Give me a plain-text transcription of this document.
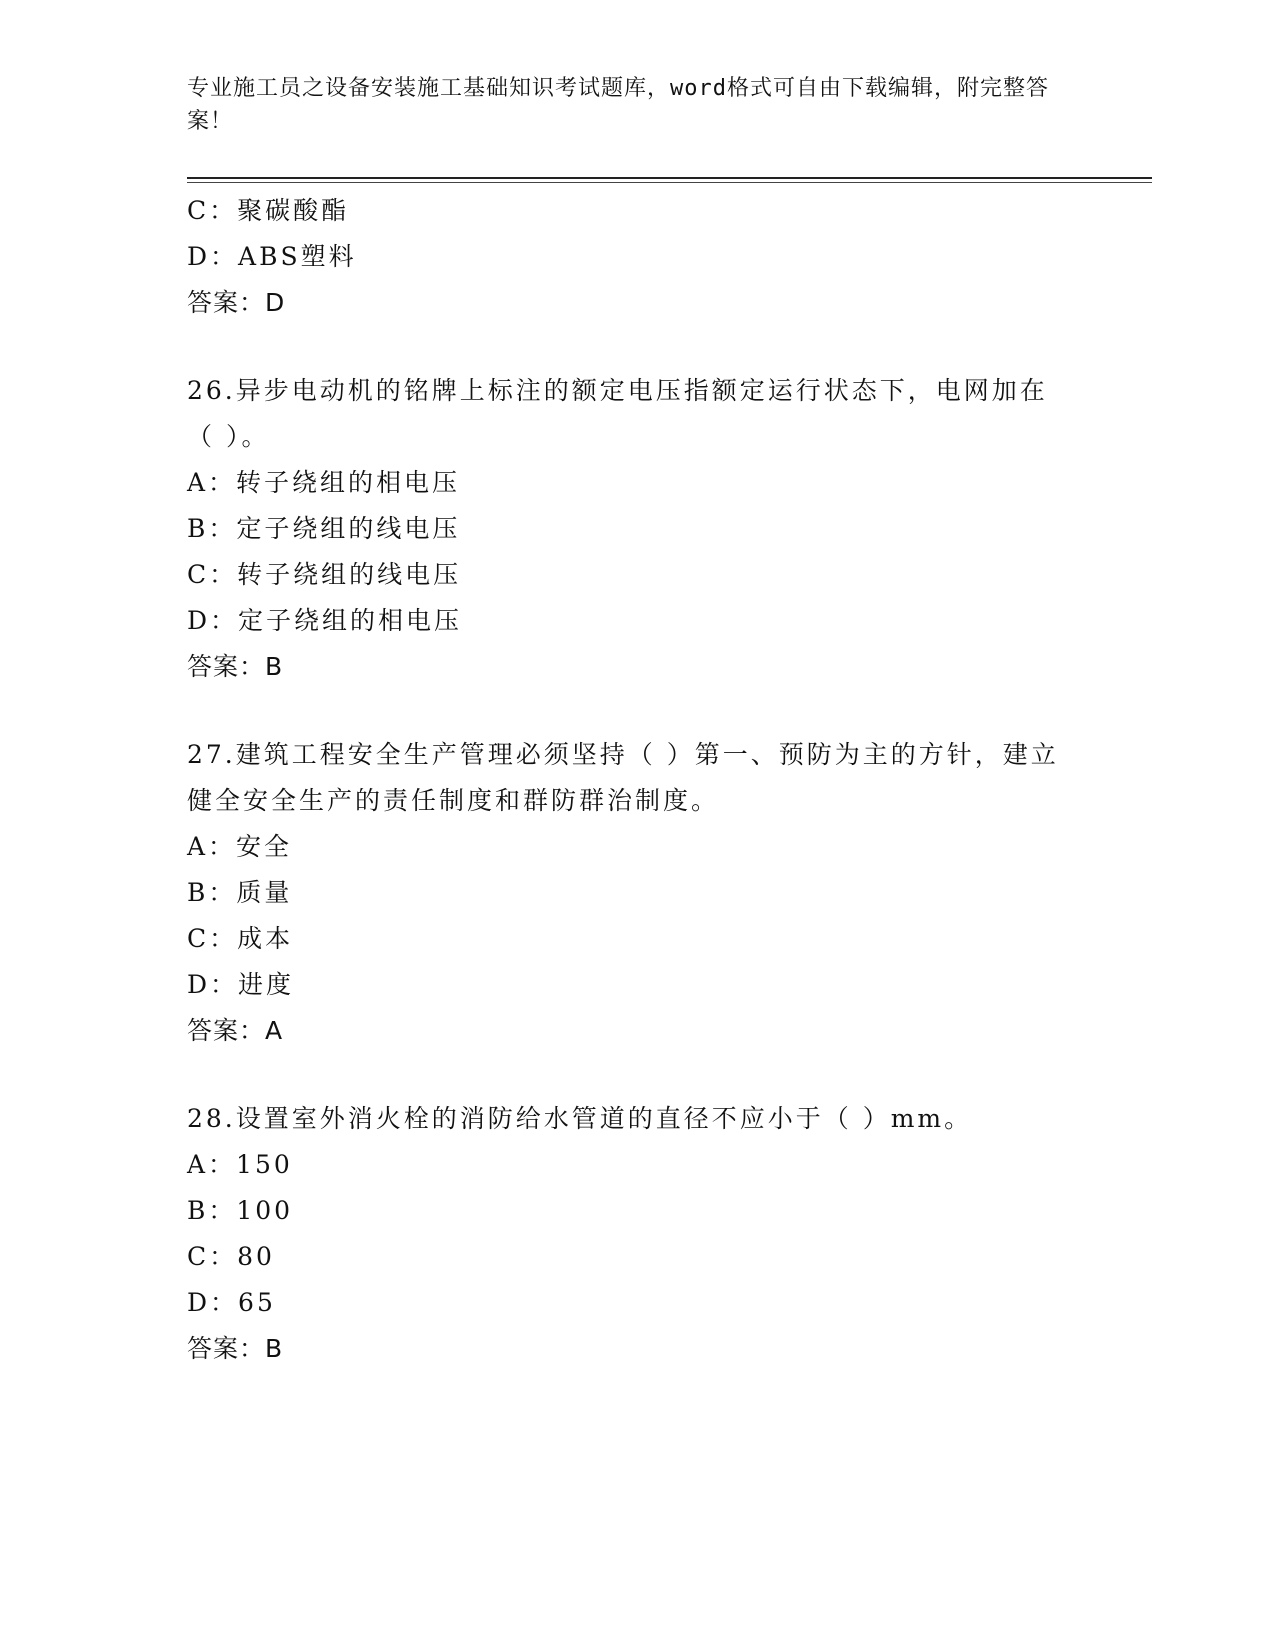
专业施工员之设备安装施工基础知识考试题库，word格式可自由下载编辑，附完整答案！
C：聚碳酸酯
D：ABS塑料
答案：D
26.异步电动机的铭牌上标注的额定电压指额定运行状态下，电网加在（ ）。
A：转子绕组的相电压
B：定子绕组的线电压
C：转子绕组的线电压
D：定子绕组的相电压
答案：B
27.建筑工程安全生产管理必须坚持（ ）第一、预防为主的方针，建立健全安全生产的责任制度和群防群治制度。
A：安全
B：质量
C：成本
D：进度
答案：A
28.设置室外消火栓的消防给水管道的直径不应小于（ ）mm。
A：150
B：100
C：80
D：65
答案：B
